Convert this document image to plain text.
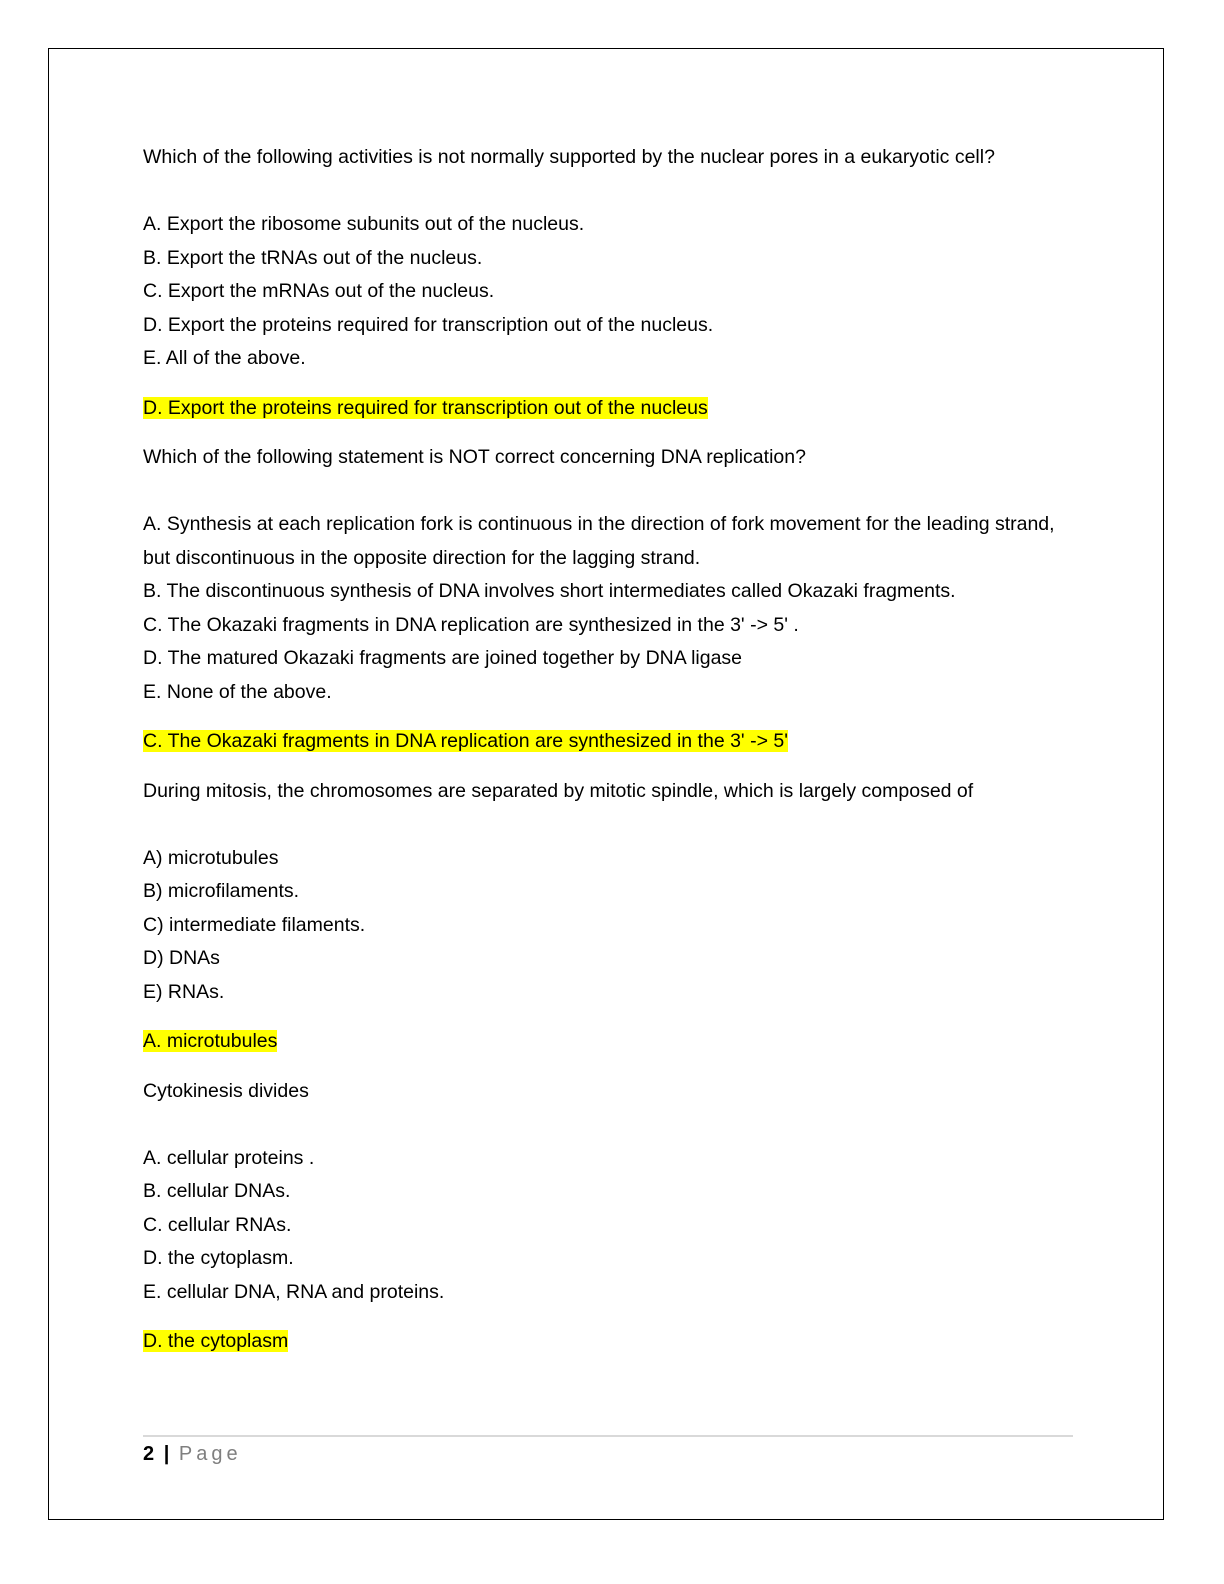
Which of the following activities is not normally supported by the nuclear pores in a eukaryotic cell?

A. Export the ribosome subunits out of the nucleus.

B. Export the tRNAs out of the nucleus.

C. Export the mRNAs out of the nucleus.

D. Export the proteins required for transcription out of the nucleus.

E. All of the above.

D. Export the proteins required for transcription out of the nucleus

Which of the following statement is NOT correct concerning DNA replication?

A. Synthesis at each replication fork is continuous in the direction of fork movement for the leading strand, but discontinuous in the opposite direction for the lagging strand.

B. The discontinuous synthesis of DNA involves short intermediates called Okazaki fragments.

C. The Okazaki fragments in DNA replication are synthesized in the 3' -> 5' .

D. The matured Okazaki fragments are joined together by DNA ligase

E. None of the above.

C. The Okazaki fragments in DNA replication are synthesized in the 3' -> 5'

During mitosis, the chromosomes are separated by mitotic spindle, which is largely composed of

A) microtubules

B) microfilaments.

C) intermediate filaments.

D) DNAs

E) RNAs.

A. microtubules

Cytokinesis divides

A. cellular proteins .

B. cellular DNAs.

C. cellular RNAs.

D. the cytoplasm.

E. cellular DNA, RNA and proteins.

D. the cytoplasm

2 | Page
